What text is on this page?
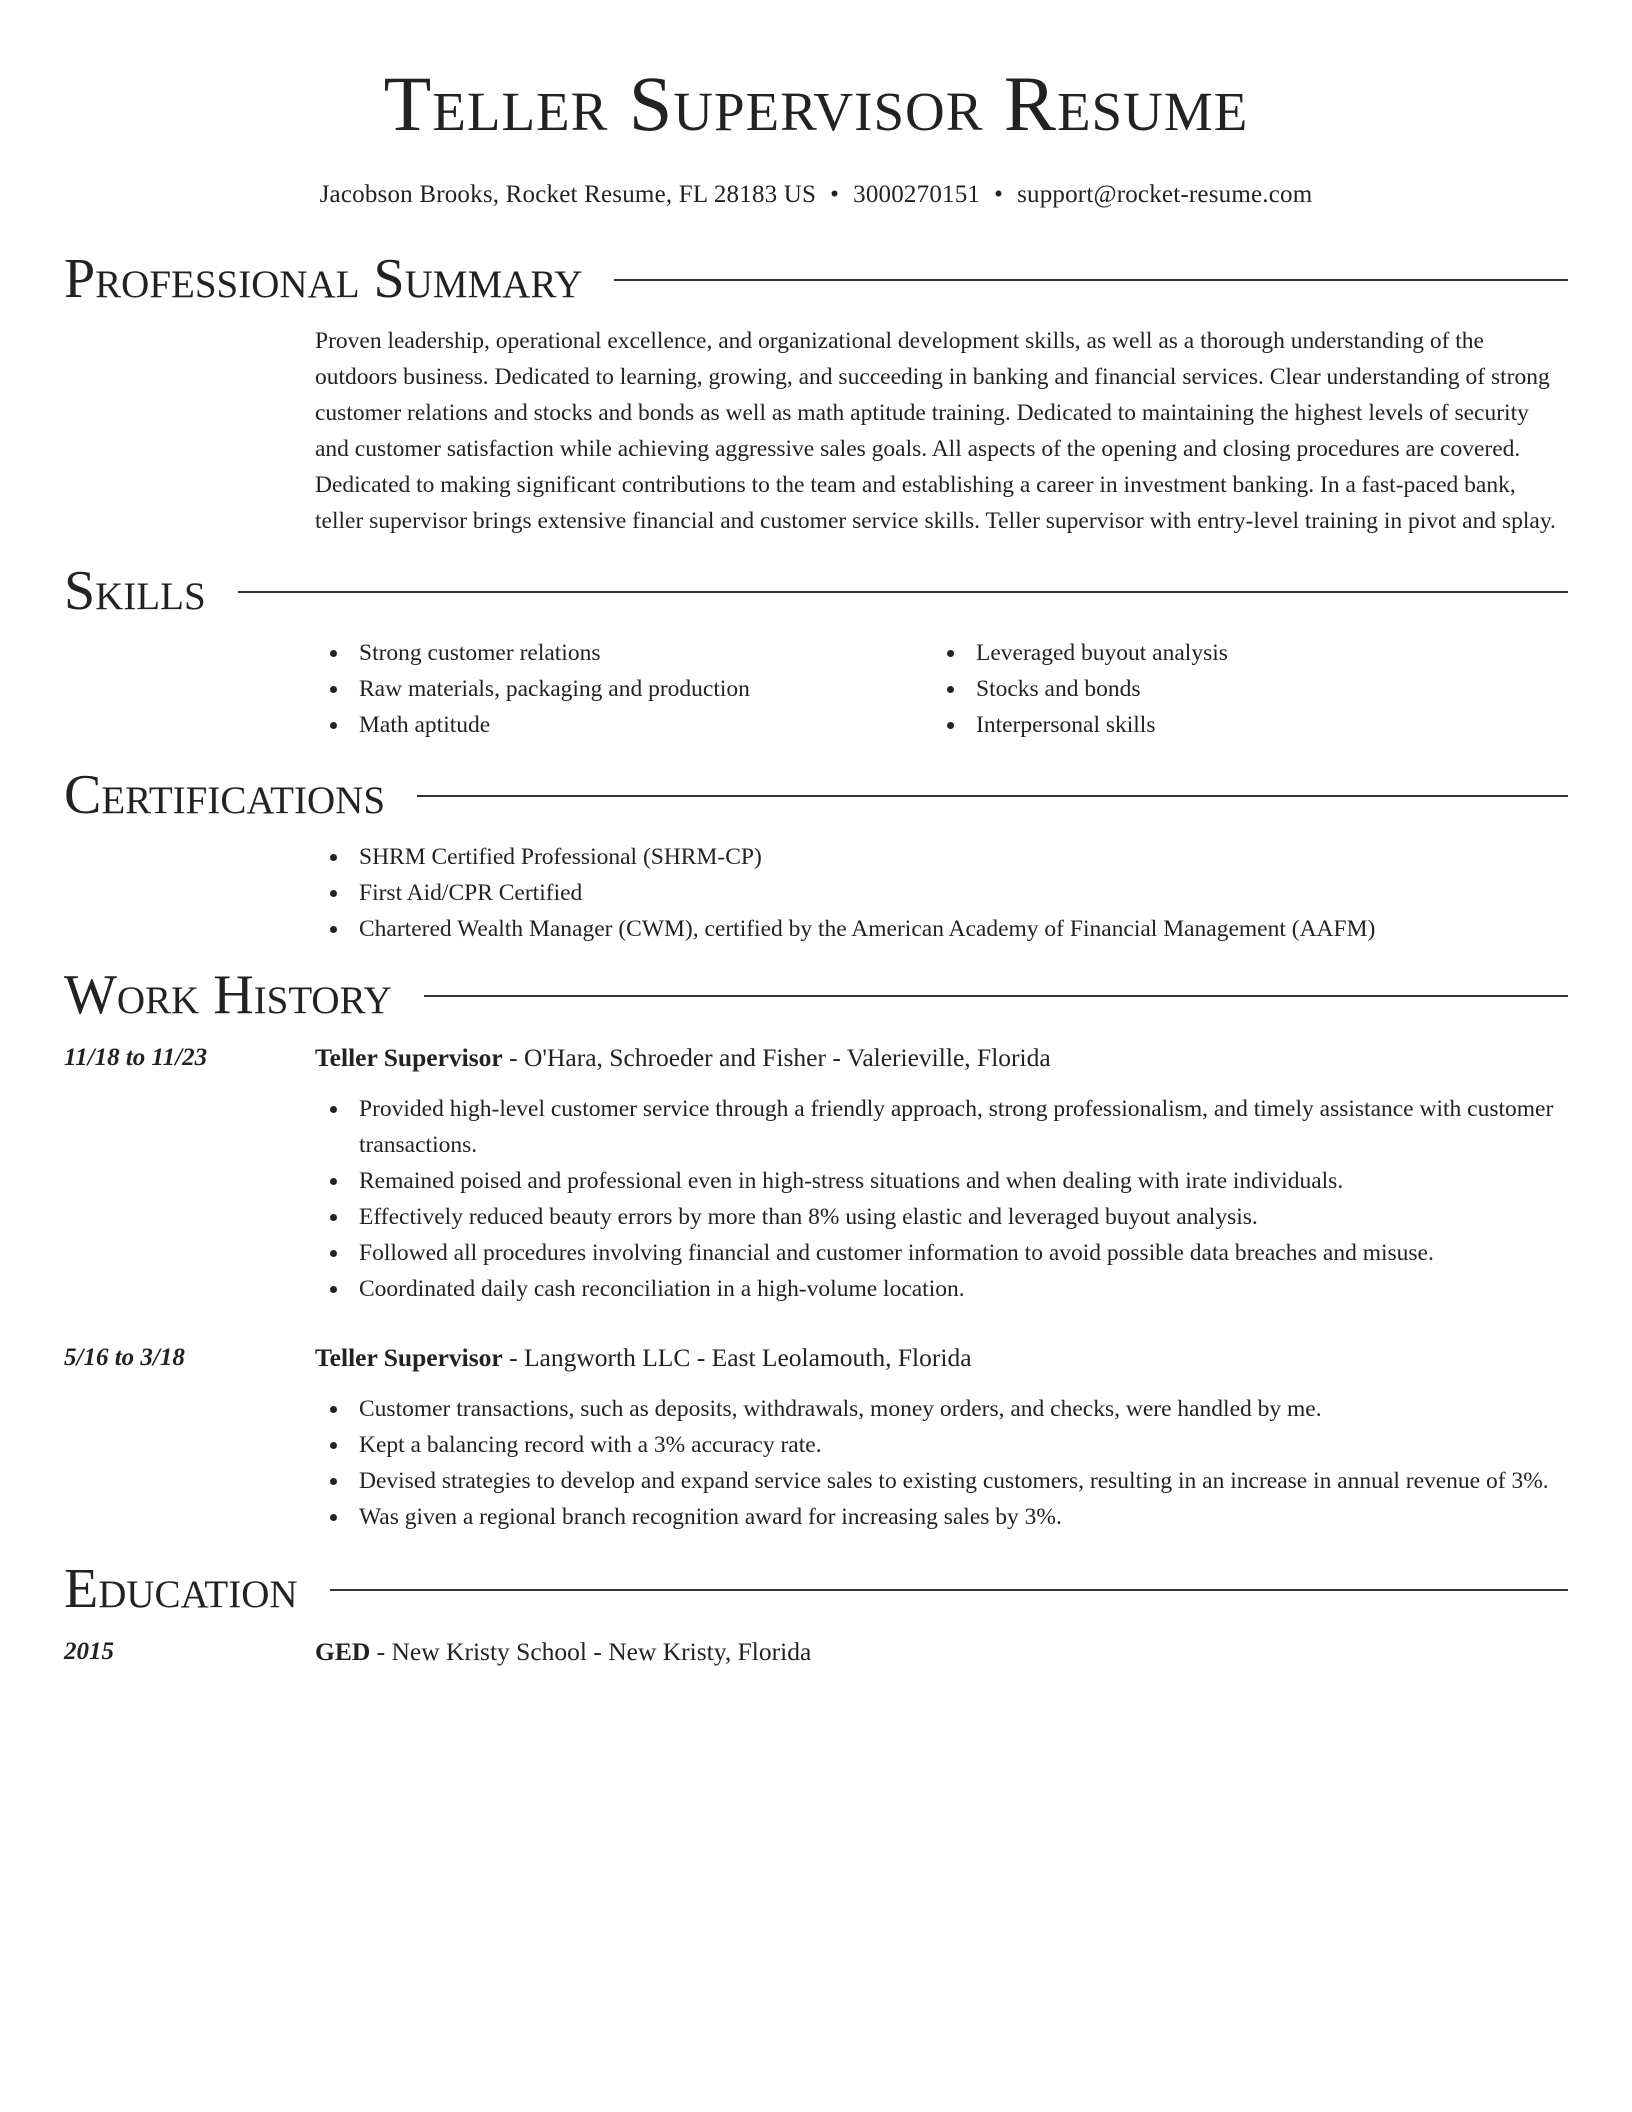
Teller Supervisor Resume
Jacobson Brooks, Rocket Resume, FL 28183 US • 3000270151 • support@rocket-resume.com
Professional Summary

Proven leadership, operational excellence, and organizational development skills, as well as a thorough understanding of the outdoors business. Dedicated to learning, growing, and succeeding in banking and financial services. Clear understanding of strong customer relations and stocks and bonds as well as math aptitude training. Dedicated to maintaining the highest levels of security and customer satisfaction while achieving aggressive sales goals. All aspects of the opening and closing procedures are covered. Dedicated to making significant contributions to the team and establishing a career in investment banking. In a fast-paced bank, teller supervisor brings extensive financial and customer service skills. Teller supervisor with entry-level training in pivot and splay.

Skills
Strong customer relations
Raw materials, packaging and production
Math aptitude
Leveraged buyout analysis
Stocks and bonds
Interpersonal skills
Certifications
SHRM Certified Professional (SHRM-CP)
First Aid/CPR Certified
Chartered Wealth Manager (CWM), certified by the American Academy of Financial Management (AAFM)
Work History
11/18 to 11/23	Teller Supervisor - O'Hara, Schroeder and Fisher - Valerieville, Florida

Provided high-level customer service through a friendly approach, strong professionalism, and timely assistance with customer transactions.
Remained poised and professional even in high-stress situations and when dealing with irate individuals.
Effectively reduced beauty errors by more than 8% using elastic and leveraged buyout analysis.
Followed all procedures involving financial and customer information to avoid possible data breaches and misuse.
Coordinated daily cash reconciliation in a high-volume location.
5/16 to 3/18	Teller Supervisor - Langworth LLC - East Leolamouth, Florida

Customer transactions, such as deposits, withdrawals, money orders, and checks, were handled by me.
Kept a balancing record with a 3% accuracy rate.
Devised strategies to develop and expand service sales to existing customers, resulting in an increase in annual revenue of 3%.
Was given a regional branch recognition award for increasing sales by 3%.
Education
2015	GED - New Kristy School - New Kristy, Florida
